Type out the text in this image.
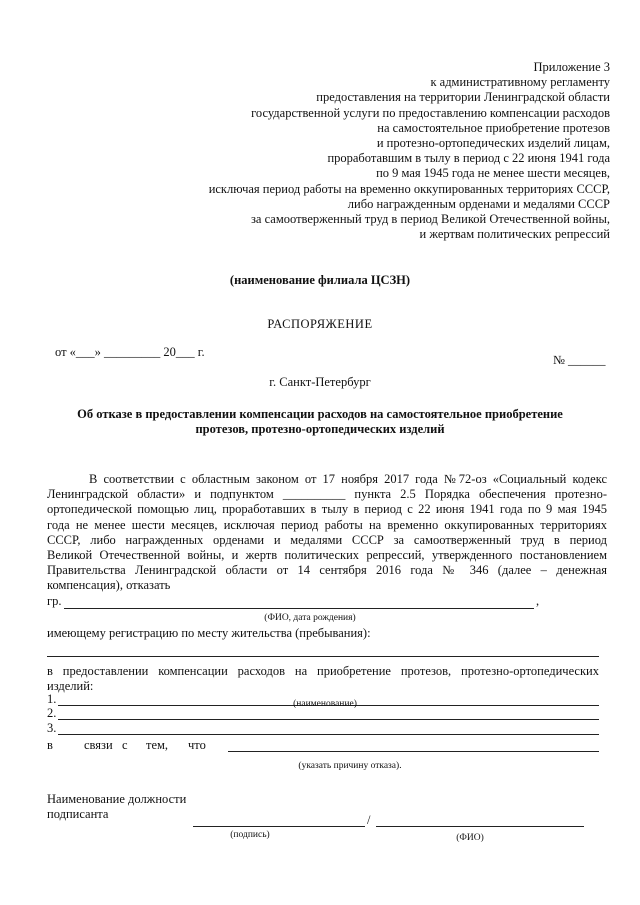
Приложение 3
к административному регламенту
предоставления на территории Ленинградской области
государственной услуги по предоставлению компенсации расходов
на самостоятельное приобретение протезов
и протезно-ортопедических изделий лицам,
проработавшим в тылу в период с 22 июня 1941 года
по 9 мая 1945 года не менее шести месяцев,
исключая период работы на временно оккупированных территориях СССР,
либо награжденным орденами и медалями СССР
за самоотверженный труд в период Великой Отечественной войны,
и жертвам политических репрессий
(наименование филиала ЦСЗН)
РАСПОРЯЖЕНИЕ
от «___» _________ 20___ г.
№ ______
г. Санкт-Петербург
Об отказе в предоставлении компенсации расходов на самостоятельное приобретение
протезов, протезно-ортопедических изделий
В соответствии с областным законом от 17 ноября 2017 года №72-оз «Социальный кодекс
Ленинградской области» и подпунктом __________ пункта 2.5 Порядка обеспечения протезно-
ортопедической помощью лиц, проработавших в тылу в период с 22 июня 1941 года по 9 мая 1945
года не менее шести месяцев, исключая период работы на временно оккупированных территориях
СССР, либо награжденных орденами и медалями СССР за самоотверженный труд в период
Великой Отечественной войны, и жертв политических репрессий, утвержденного постановлением
Правительства Ленинградской области от 14 сентября 2016 года № 346 (далее – денежная
компенсация), отказать
гр.	,
(ФИО, дата рождения)
имеющему регистрацию по месту жительства (пребывания):
в предоставлении компенсации расходов на приобретение протезов, протезно-ортопедических
изделий:
1.	(наименование)
2.
3.
в связи с тем, что
(указать причину отказа).
Наименование должности
подписанта	/
(подпись)	(ФИО)
